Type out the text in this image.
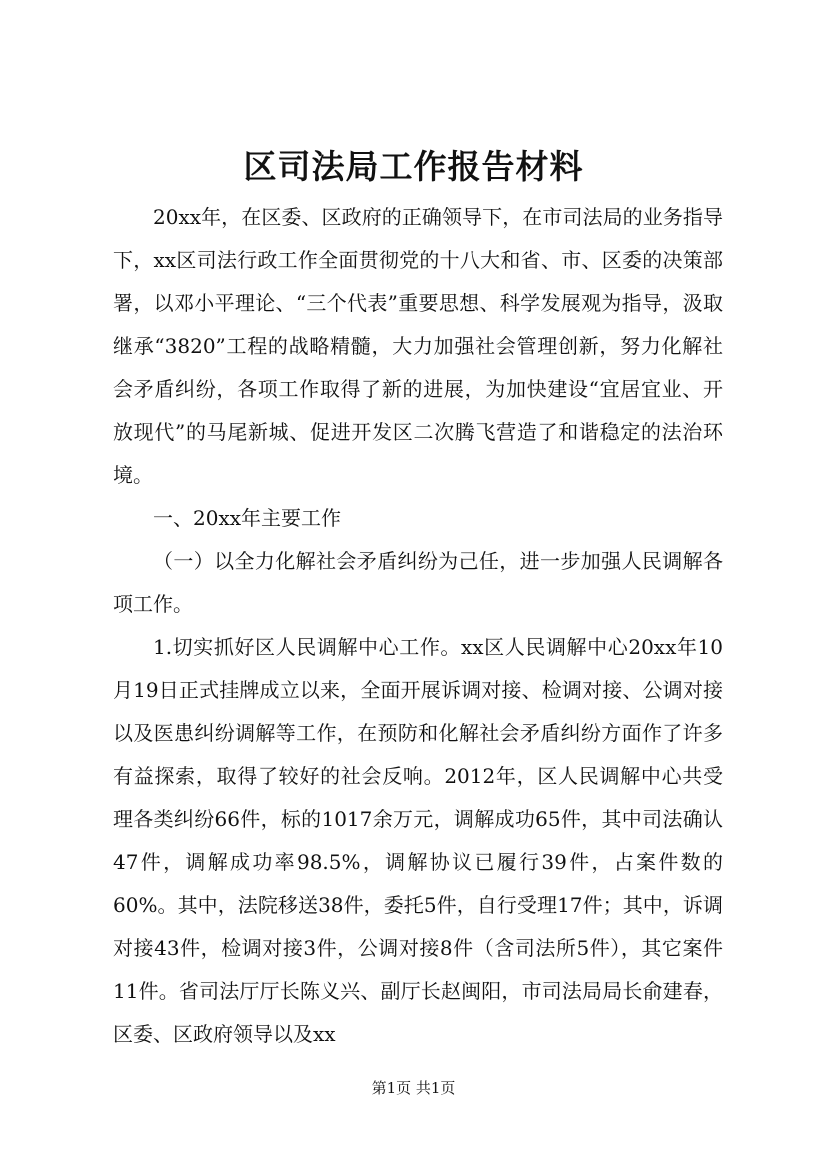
区司法局工作报告材料

20xx年，在区委、区政府的正确领导下，在市司法局的业务指导下，xx区司法行政工作全面贯彻党的十八大和省、市、区委的决策部署，以邓小平理论、“三个代表”重要思想、科学发展观为指导，汲取继承“3820”工程的战略精髓，大力加强社会管理创新，努力化解社会矛盾纠纷，各项工作取得了新的进展，为加快建设“宜居宜业、开放现代”的马尾新城、促进开发区二次腾飞营造了和谐稳定的法治环境。

一、20xx年主要工作

（一）以全力化解社会矛盾纠纷为己任，进一步加强人民调解各项工作。

1.切实抓好区人民调解中心工作。xx区人民调解中心20xx年10月19日正式挂牌成立以来，全面开展诉调对接、检调对接、公调对接以及医患纠纷调解等工作，在预防和化解社会矛盾纠纷方面作了许多有益探索，取得了较好的社会反响。2012年，区人民调解中心共受理各类纠纷66件，标的1017余万元，调解成功65件，其中司法确认47件，调解成功率98.5%，调解协议已履行39件，占案件数的60%。其中，法院移送38件，委托5件，自行受理17件；其中，诉调对接43件，检调对接3件，公调对接8件（含司法所5件），其它案件11件。省司法厅厅长陈义兴、副厅长赵闽阳，市司法局局长俞建春，区委、区政府领导以及xx

第1页 共1页
